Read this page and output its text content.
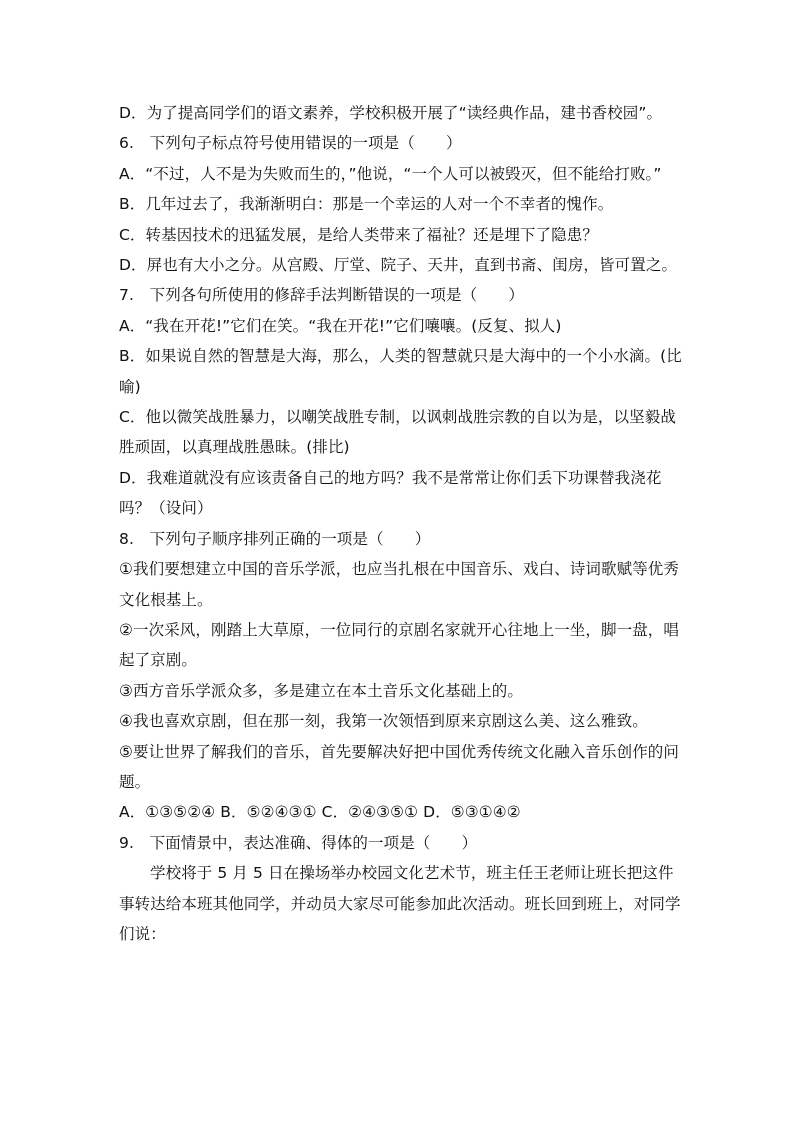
D．为了提高同学们的语文素养，学校积极开展了“读经典作品，建书香校园”。

6.　下列句子标点符号使用错误的一项是（　　）

A．“不过，人不是为失败而生的，”他说，“一个人可以被毁灭，但不能给打败。”

B．几年过去了，我渐渐明白：那是一个幸运的人对一个不幸者的愧作。

C．转基因技术的迅猛发展，是给人类带来了福祉？还是埋下了隐患？

D．屏也有大小之分。从宫殿、厅堂、院子、天井，直到书斋、闺房，皆可置之。

7.　下列各句所使用的修辞手法判断错误的一项是（　　）

A．“我在开花!”它们在笑。“我在开花!”它们嚷嚷。(反复、拟人)

B．如果说自然的智慧是大海，那么，人类的智慧就只是大海中的一个小水滴。(比喻)

C．他以微笑战胜暴力，以嘲笑战胜专制，以讽刺战胜宗教的自以为是，以坚毅战胜顽固，以真理战胜愚昧。(排比)

D．我难道就没有应该责备自己的地方吗？我不是常常让你们丢下功课替我浇花吗？（设问）

8.　下列句子顺序排列正确的一项是（　　）

①我们要想建立中国的音乐学派，也应当扎根在中国音乐、戏白、诗词歌赋等优秀文化根基上。

②一次采风，刚踏上大草原，一位同行的京剧名家就开心往地上一坐，脚一盘，唱起了京剧。

③西方音乐学派众多，多是建立在本土音乐文化基础上的。

④我也喜欢京剧，但在那一刻，我第一次领悟到原来京剧这么美、这么雅致。

⑤要让世界了解我们的音乐，首先要解决好把中国优秀传统文化融入音乐创作的问题。

A．①③⑤②④ B．⑤②④③① C．②④③⑤① D．⑤③①④②

9.　下面情景中，表达准确、得体的一项是（　　）

学校将于 5 月 5 日在操场举办校园文化艺术节，班主任王老师让班长把这件事转达给本班其他同学，并动员大家尽可能参加此次活动。班长回到班上，对同学们说：
